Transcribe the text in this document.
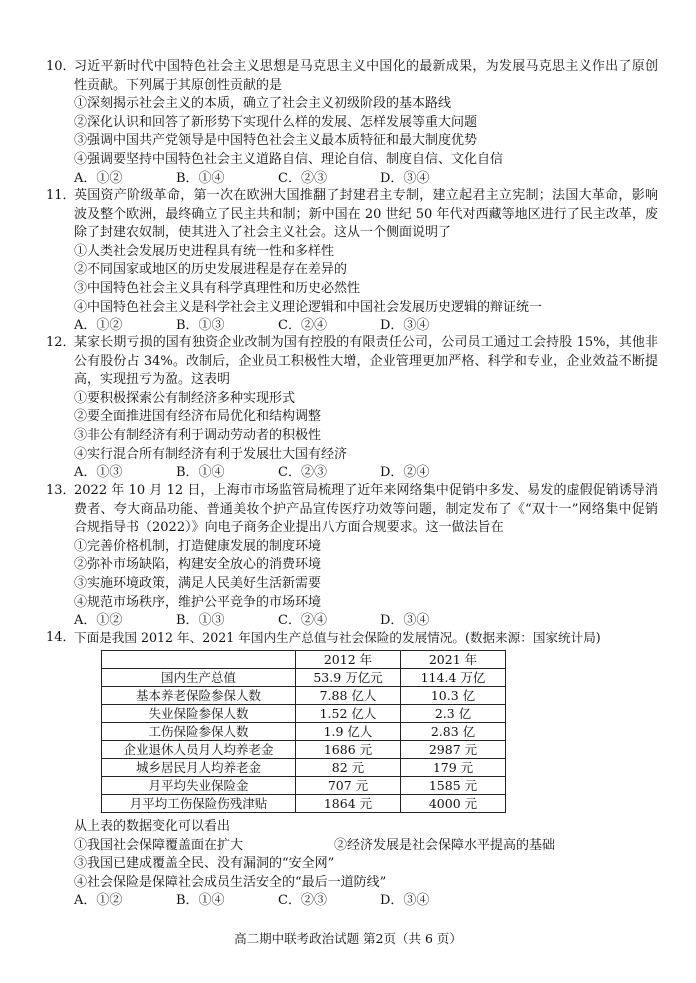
10．
习近平新时代中国特色社会主义思想是马克思主义中国化的最新成果，为发展马克思主义作出了原创性贡献。下列属于其原创性贡献的是
①深刻揭示社会主义的本质，确立了社会主义初级阶段的基本路线
②深化认识和回答了新形势下实现什么样的发展、怎样发展等重大问题
③强调中国共产党领导是中国特色社会主义最本质特征和最大制度优势
④强调要坚持中国特色社会主义道路自信、理论自信、制度自信、文化自信
A．①②	B．①④	C．②③	D．③④
11．
英国资产阶级革命，第一次在欧洲大国推翻了封建君主专制，建立起君主立宪制；法国大革命，影响波及整个欧洲，最终确立了民主共和制；新中国在 20 世纪 50 年代对西藏等地区进行了民主改革，废除了封建农奴制，使其进入了社会主义社会。这从一个侧面说明了
①人类社会发展历史进程具有统一性和多样性
②不同国家或地区的历史发展进程是存在差异的
③中国特色社会主义具有科学真理性和历史必然性
④中国特色社会主义是科学社会主义理论逻辑和中国社会发展历史逻辑的辩证统一
A．①②	B．①③	C．②④	D．③④
12．
某家长期亏损的国有独资企业改制为国有控股的有限责任公司，公司员工通过工会持股 15%，其他非公有股份占 34%。改制后，企业员工积极性大增，企业管理更加严格、科学和专业，企业效益不断提高，实现扭亏为盈。这表明
①要积极探索公有制经济多种实现形式
②要全面推进国有经济布局优化和结构调整
③非公有制经济有利于调动劳动者的积极性
④实行混合所有制经济有利于发展壮大国有经济
A．①③	B．①④	C．②③	D．②④
13．
2022 年 10 月 12 日，上海市市场监管局梳理了近年来网络集中促销中多发、易发的虚假促销诱导消费者、夸大商品功能、普通美妆个护产品宣传医疗功效等问题，制定发布了《“双十一”网络集中促销合规指导书（2022）》向电子商务企业提出八方面合规要求。这一做法旨在
①完善价格机制，打造健康发展的制度环境
②弥补市场缺陷，构建安全放心的消费环境
③实施环境政策，满足人民美好生活新需要
④规范市场秩序，维护公平竞争的市场环境
A．①②	B．①③	C．②④	D．③④
14．
下面是我国 2012 年、2021 年国内生产总值与社会保险的发展情况。(数据来源：国家统计局)
	2012 年	2021 年
国内生产总值	53.9 万亿元	114.4 万亿
基本养老保险参保人数	7.88 亿人	10.3 亿
失业保险参保人数	1.52 亿人	2.3 亿
工伤保险参保人数	1.9 亿人	2.83 亿
企业退休人员月人均养老金	1686 元	2987 元
城乡居民月人均养老金	82 元	179 元
月平均失业保险金	707 元	1585 元
月平均工伤保险伤残津贴	1864 元	4000 元
从上表的数据变化可以看出
①我国社会保障覆盖面在扩大	②经济发展是社会保障水平提高的基础
③我国已建成覆盖全民、没有漏洞的“安全网”
④社会保险是保障社会成员生活安全的“最后一道防线”
A．①②	B．①④	C．②③	D．③④
高二期中联考政治试题 第2页（共 6 页）
